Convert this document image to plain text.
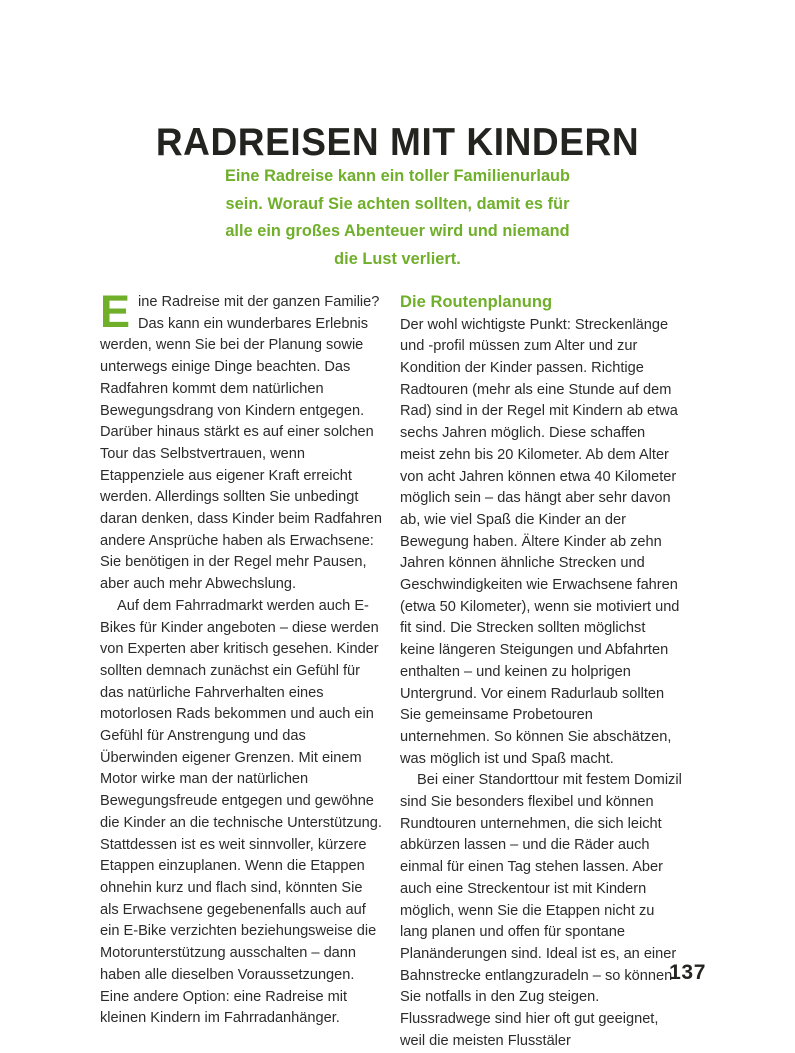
RADREISEN MIT KINDERN
Eine Radreise kann ein toller Familienurlaub
sein. Worauf Sie achten sollten, damit es für
alle ein großes Abenteuer wird und niemand
die Lust verliert.

Eine Radreise mit der ganzen Familie? Das kann ein wunderbares Erlebnis werden, wenn Sie bei der Planung sowie unterwegs einige Dinge beachten. Das Radfahren kommt dem natürlichen Bewegungsdrang von Kindern entgegen. Darüber hinaus stärkt es auf einer solchen Tour das Selbstvertrauen, wenn Etappenziele aus eigener Kraft erreicht werden. Allerdings sollten Sie unbedingt daran denken, dass Kinder beim Radfahren andere Ansprüche haben als Erwachsene: Sie benötigen in der Regel mehr Pausen, aber auch mehr Abwechslung.

Auf dem Fahrradmarkt werden auch E-Bikes für Kinder angeboten – diese werden von Experten aber kritisch gesehen. Kinder sollten demnach zunächst ein Gefühl für das natürliche Fahrverhalten eines motorlosen Rads bekommen und auch ein Gefühl für Anstrengung und das Überwinden eigener Grenzen. Mit einem Motor wirke man der natürlichen Bewegungsfreude entgegen und gewöhne die Kinder an die technische Unterstützung. Stattdessen ist es weit sinnvoller, kürzere Etappen einzuplanen. Wenn die Etappen ohnehin kurz und flach sind, könnten Sie als Erwachsene gegebenenfalls auch auf ein E-Bike verzichten beziehungsweise die Motorunterstützung ausschalten – dann haben alle dieselben Voraussetzungen. Eine andere Option: eine Radreise mit kleinen Kindern im Fahrradanhänger.

Die Routenplanung

Der wohl wichtigste Punkt: Streckenlänge und -profil müssen zum Alter und zur Kondition der Kinder passen. Richtige Radtouren (mehr als eine Stunde auf dem Rad) sind in der Regel mit Kindern ab etwa sechs Jahren möglich. Diese schaffen meist zehn bis 20 Kilometer. Ab dem Alter von acht Jahren können etwa 40 Kilometer möglich sein – das hängt aber sehr davon ab, wie viel Spaß die Kinder an der Bewegung haben. Ältere Kinder ab zehn Jahren können ähnliche Strecken und Geschwindigkeiten wie Erwachsene fahren (etwa 50 Kilometer), wenn sie motiviert und fit sind. Die Strecken sollten möglichst keine längeren Steigungen und Abfahrten enthalten – und keinen zu holprigen Untergrund. Vor einem Radurlaub sollten Sie gemeinsame Probetouren unternehmen. So können Sie abschätzen, was möglich ist und Spaß macht.

Bei einer Standorttour mit festem Domizil sind Sie besonders flexibel und können Rundtouren unternehmen, die sich leicht abkürzen lassen – und die Räder auch einmal für einen Tag stehen lassen. Aber auch eine Streckentour ist mit Kindern möglich, wenn Sie die Etappen nicht zu lang planen und offen für spontane Planänderungen sind. Ideal ist es, an einer Bahnstrecke entlangzuradeln – so können Sie notfalls in den Zug steigen. Flussradwege sind hier oft gut geeignet, weil die meisten Flusstäler

137
